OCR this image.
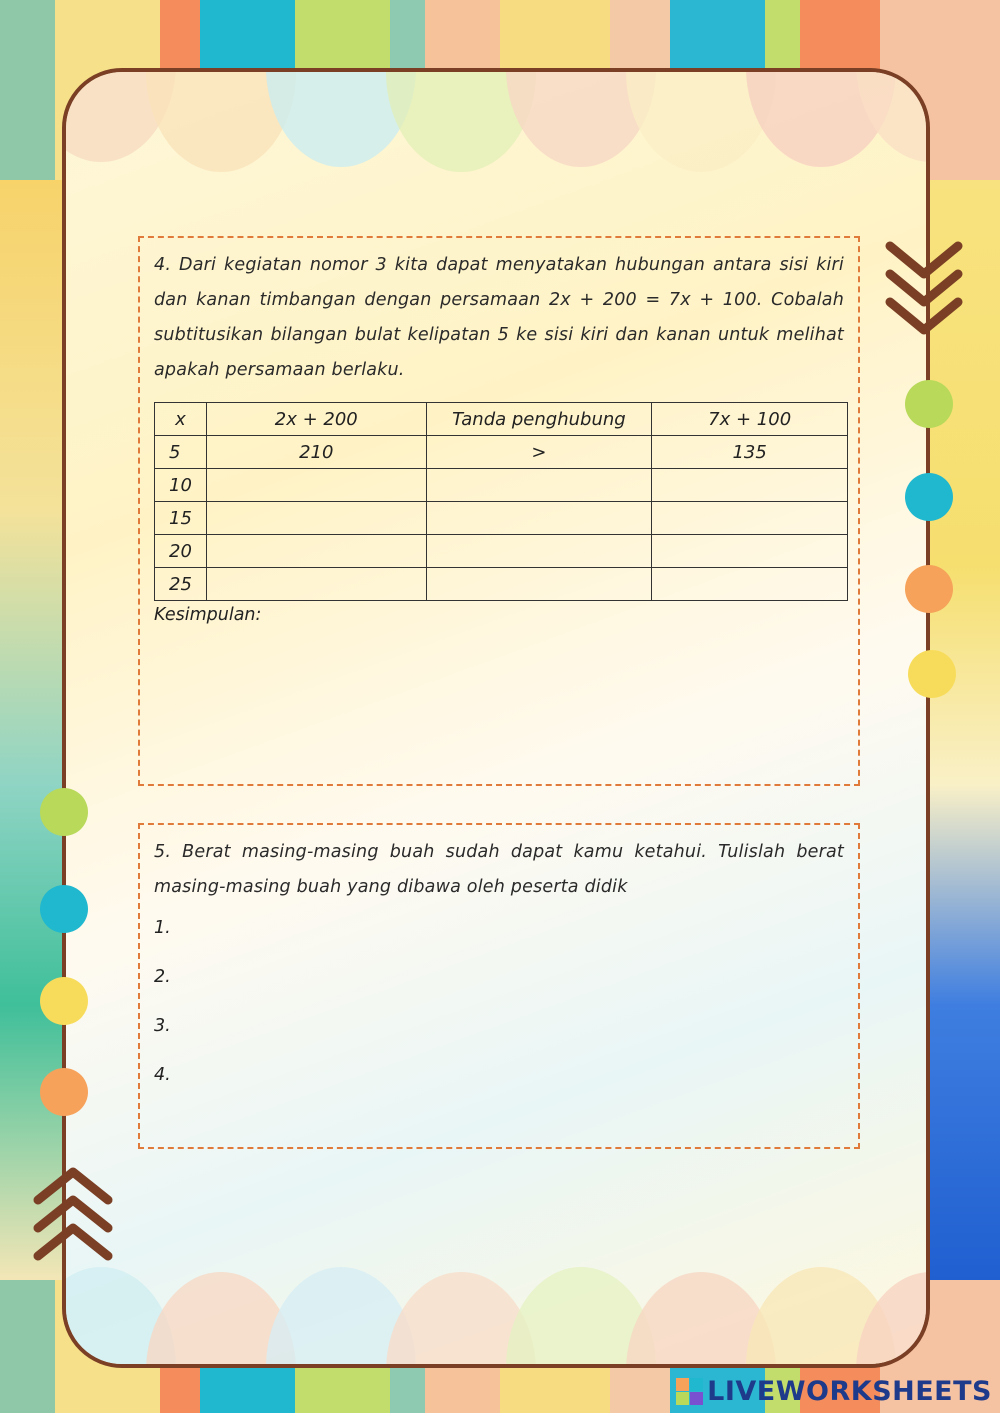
4. Dari kegiatan nomor 3 kita dapat menyatakan hubungan antara sisi kiri dan kanan timbangan dengan persamaan 2x + 200 = 7x + 100. Cobalah subtitusikan bilangan bulat kelipatan 5 ke sisi kiri dan kanan untuk melihat apakah persamaan berlaku.

x	2x + 200	Tanda penghubung	7x + 100
5	210	>	135
10			
15			
20			
25			
Kesimpulan:

5. Berat masing-masing buah sudah dapat kamu ketahui. Tulislah berat masing-masing buah yang dibawa oleh peserta didik

1.
2.
3.
4.
LIVEWORKSHEETS
